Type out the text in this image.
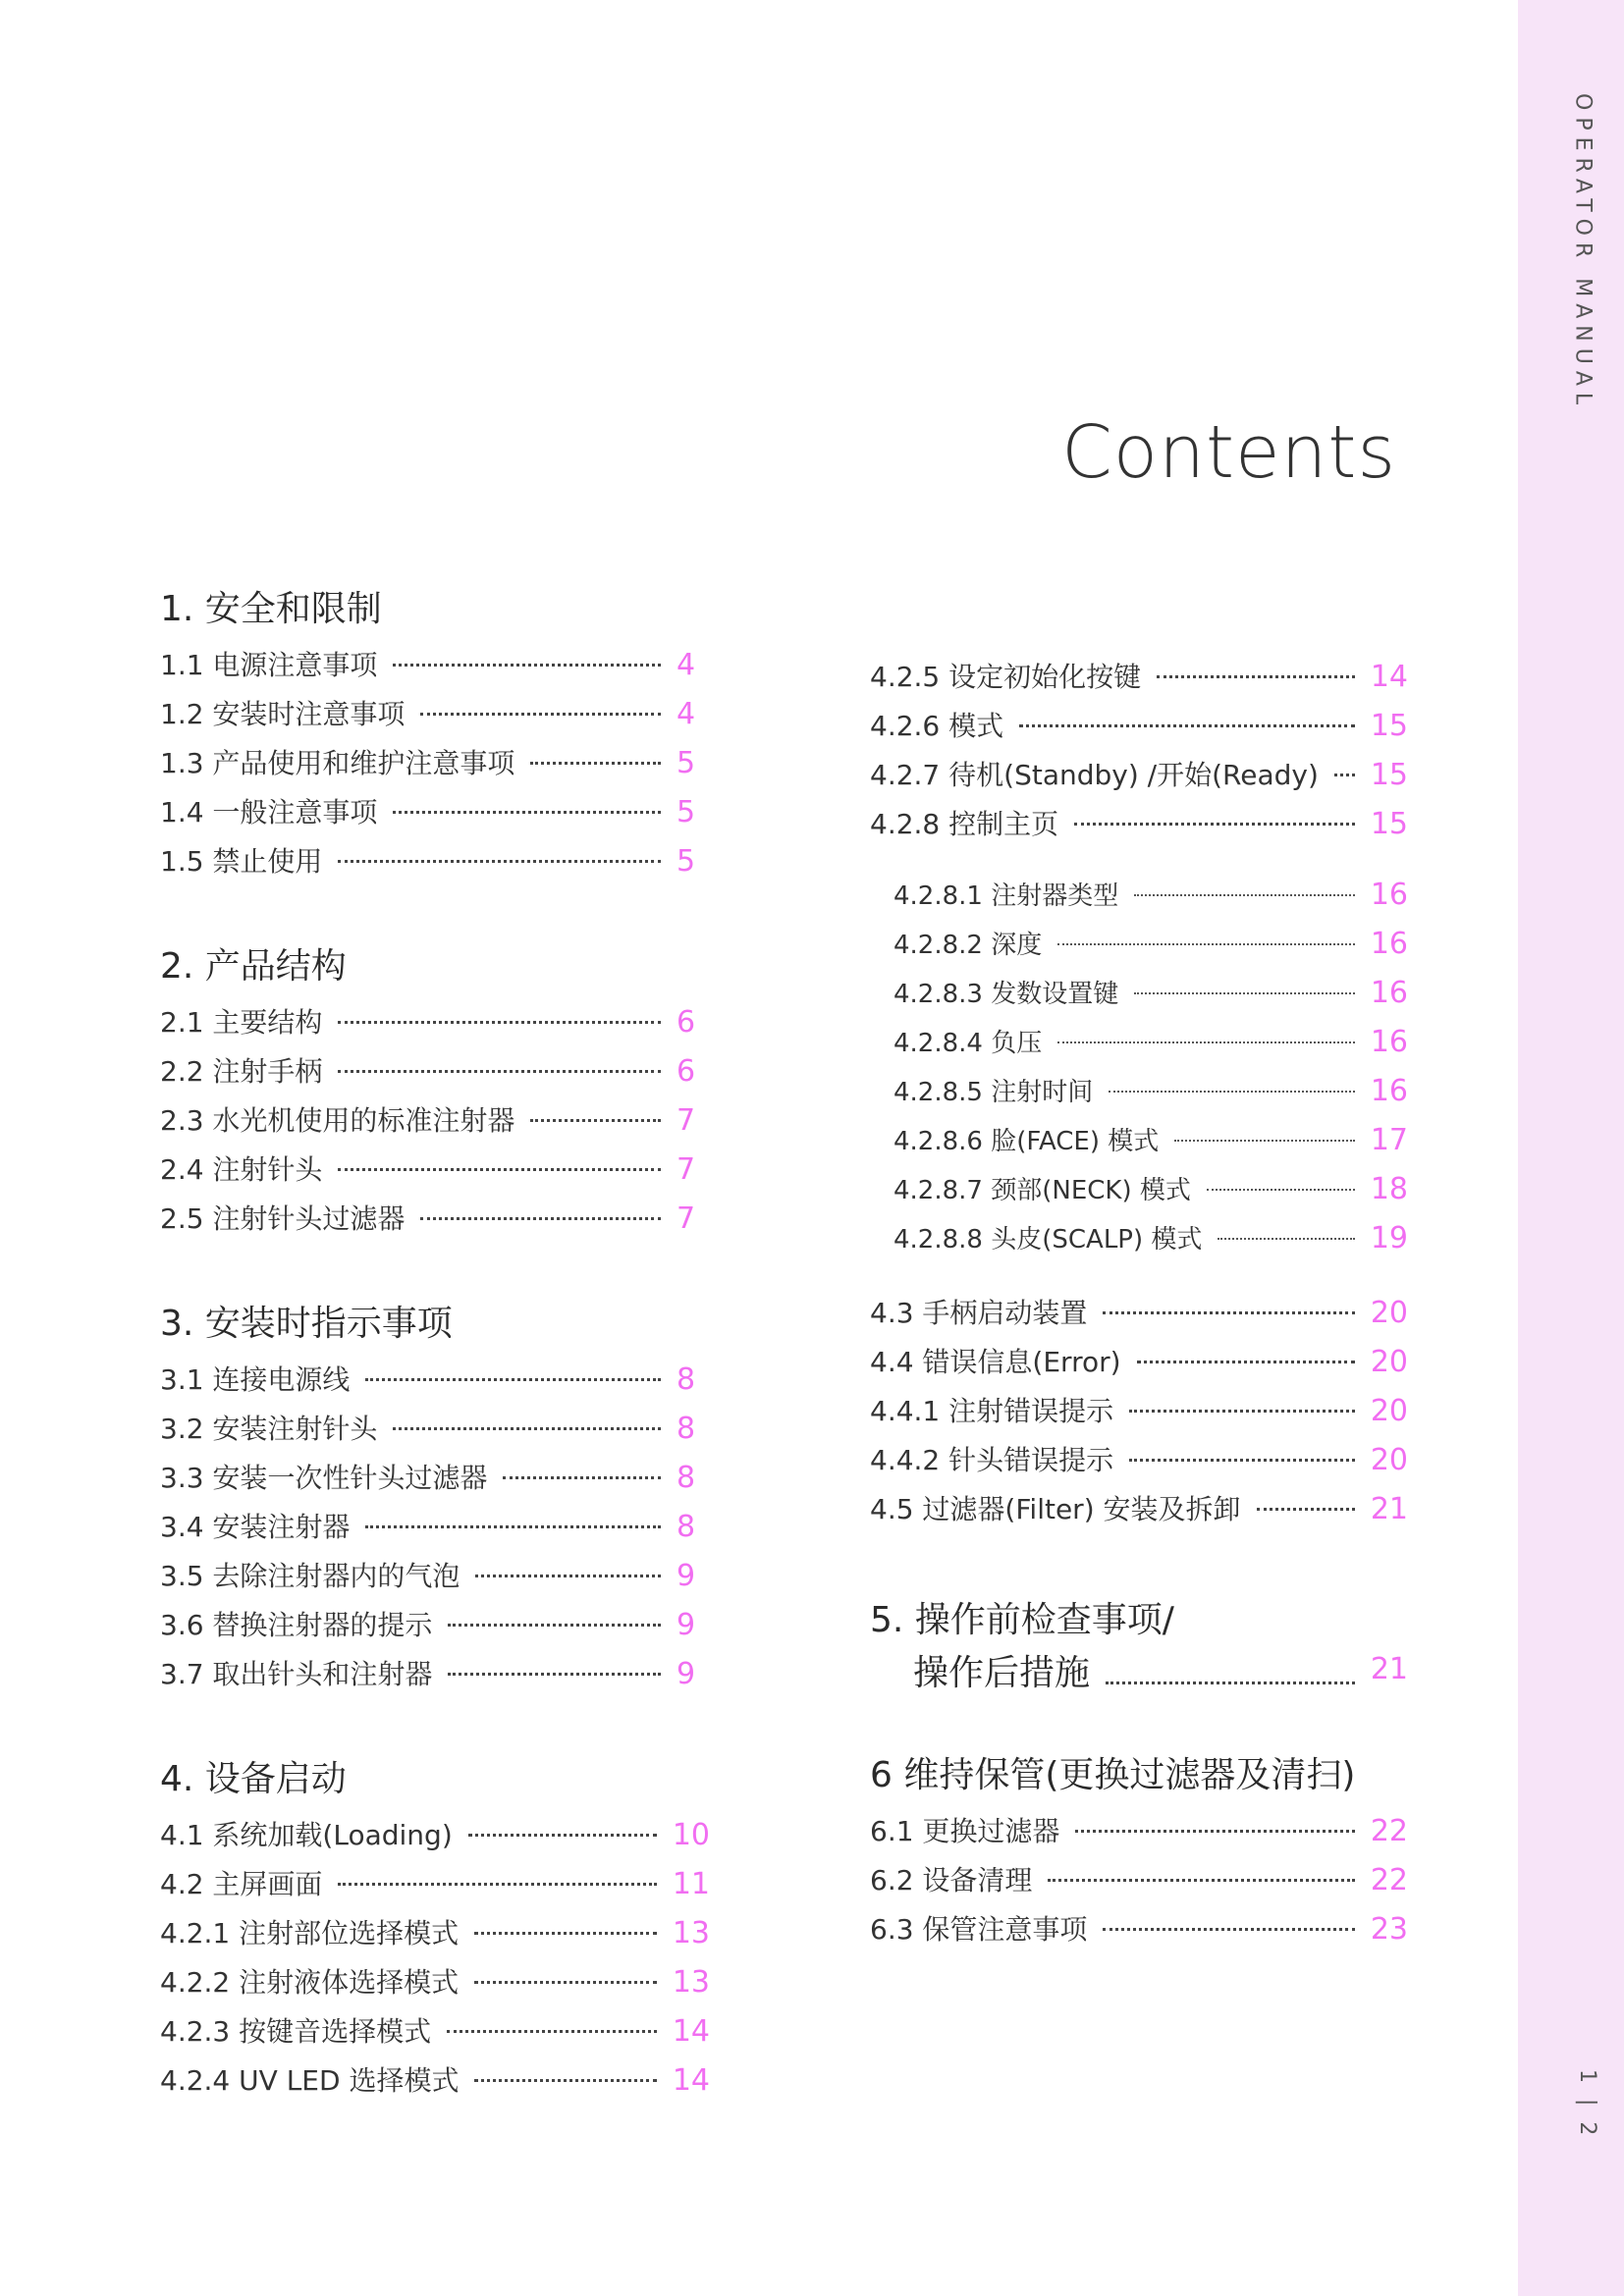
OPERATOR MANUAL
1|2
Contents
1. 安全和限制
1.1 电源注意事项	4
1.2 安装时注意事项	4
1.3 产品使用和维护注意事项	5
1.4 一般注意事项	5
1.5 禁止使用	5
2. 产品结构
2.1 主要结构	6
2.2 注射手柄	6
2.3 水光机使用的标准注射器	7
2.4 注射针头	7
2.5 注射针头过滤器	7
3. 安装时指示事项
3.1 连接电源线	8
3.2 安装注射针头	8
3.3 安装一次性针头过滤器	8
3.4 安装注射器	8
3.5 去除注射器内的气泡	9
3.6 替换注射器的提示	9
3.7 取出针头和注射器	9
4. 设备启动
4.1 系统加载(Loading)	10
4.2 主屏画面	11
4.2.1 注射部位选择模式	13
4.2.2 注射液体选择模式	13
4.2.3 按键音选择模式	14
4.2.4 UV LED 选择模式	14
4.2.5 设定初始化按键	14
4.2.6 模式	15
4.2.7 待机(Standby) /开始(Ready) 15
4.2.8 控制主页	15
4.2.8.1 注射器类型	16
4.2.8.2 深度	16
4.2.8.3 发数设置键	16
4.2.8.4 负压	16
4.2.8.5 注射时间	16
4.2.8.6 脸(FACE) 模式	17
4.2.8.7 颈部(NECK) 模式	18
4.2.8.8 头皮(SCALP) 模式	19
4.3 手柄启动装置	20
4.4 错误信息(Error)	20
4.4.1 注射错误提示	20
4.4.2 针头错误提示	20
4.5 过滤器(Filter) 安装及拆卸	21
5. 操作前检查事项/
操作后措施	21
6 维持保管(更换过滤器及清扫)
6.1 更换过滤器	22
6.2 设备清理	22
6.3 保管注意事项	23
